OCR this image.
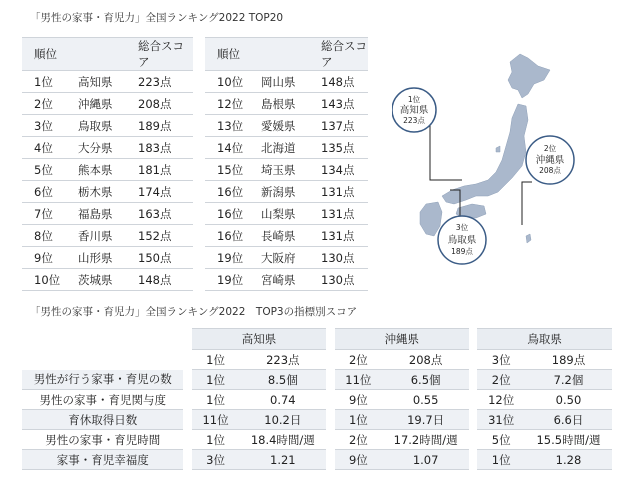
「男性の家事・育児力」全国ランキング2022 TOP20
順位		総合スコア
1位	高知県	223点
2位	沖縄県	208点
3位	鳥取県	189点
4位	大分県	183点
5位	熊本県	181点
6位	栃木県	174点
7位	福島県	163点
8位	香川県	152点
9位	山形県	150点
10位	茨城県	148点
順位		総合スコア
10位	岡山県	148点
12位	島根県	143点
13位	愛媛県	137点
14位	北海道	135点
15位	埼玉県	134点
16位	新潟県	131点
16位	山梨県	131点
16位	長崎県	131点
19位	大阪府	130点
19位	宮崎県	130点
1位
高知県
223点
2位
沖縄県
208点
3位
鳥取県
189点
「男性の家事・育児力」全国ランキング2022　TOP3の指標別スコア
		高知県			沖縄県			鳥取県	
		1位	223点		2位	208点		3位	189点
男性が行う家事・育児の数		1位	8.5個		11位	6.5個		2位	7.2個
男性の家事・育児関与度		1位	0.74		9位	0.55		12位	0.50
育休取得日数		11位	10.2日		1位	19.7日		31位	6.6日
男性の家事・育児時間		1位	18.4時間/週		2位	17.2時間/週		5位	15.5時間/週
家事・育児幸福度		3位	1.21		9位	1.07		1位	1.28
